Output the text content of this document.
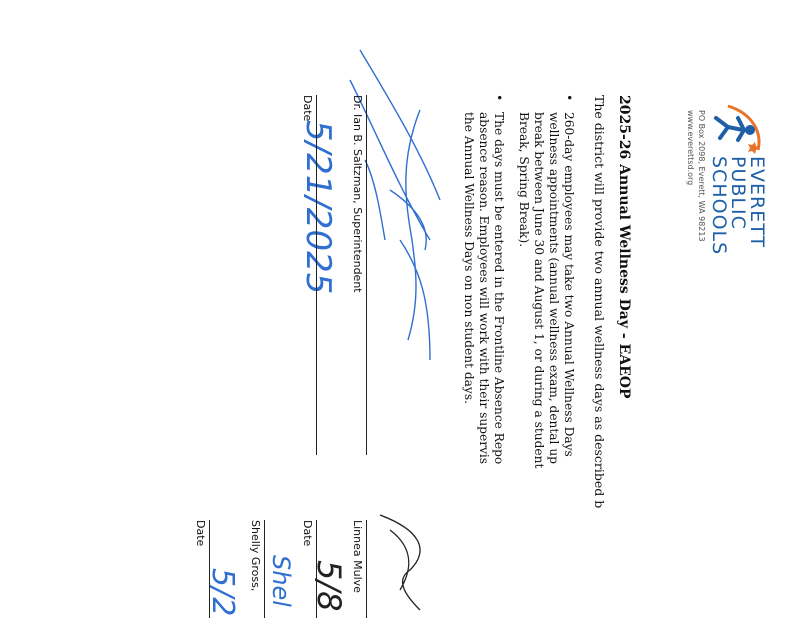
EVERETT
PUBLIC
SCHOOLS
PO Box 2098, Everett, WA 98213
www.everettsd.org
2025-26 Annual Wellness Day - EAEOP
The district will provide two annual wellness days as described b
•
260-day employees may take two Annual Wellness Days
wellness appointments (annual wellness exam, dental up
break between June 30 and August 1, or during a student
Break, Spring Break).
•
The days must be entered in the Frontline Absence Repo
absence reason. Employees will work with their supervis
the Annual Wellness Days on non student days.
Dr. Ian B. Saltzman, Superintendent
5/21/2025
Date
Linnea Mulve
5/8
Date
Shel
Shelly Gross,
5/2
Date
